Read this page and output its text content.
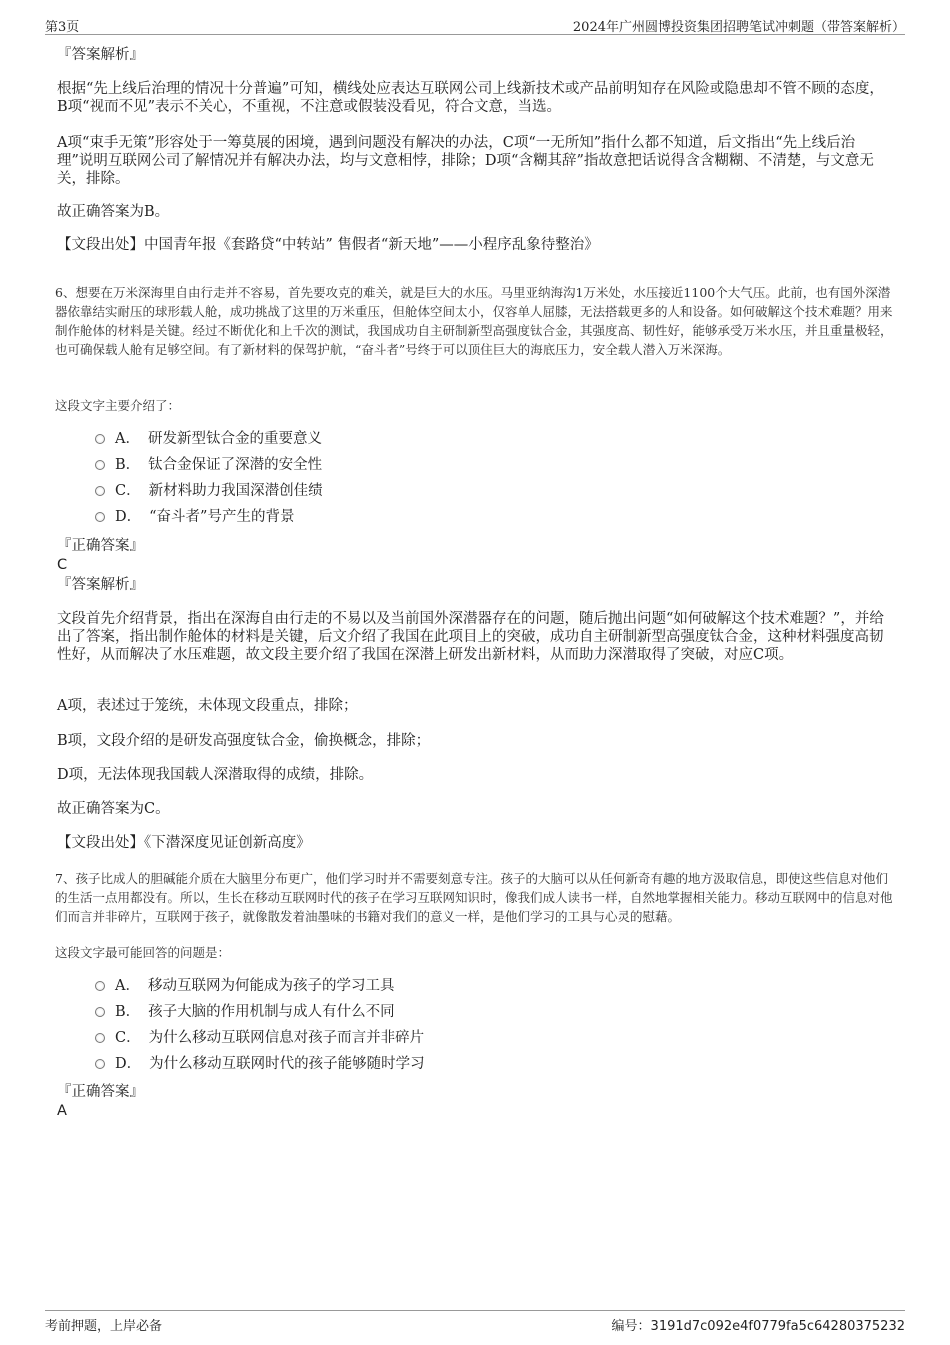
第3页	2024年广州圆博投资集团招聘笔试冲刺题（带答案解析）

『答案解析』

根据“先上线后治理的情况十分普遍”可知，横线处应表达互联网公司上线新技术或产品前明知存在风险或隐患却不管不顾的态度，B项“视而不见”表示不关心，不重视，不注意或假装没看见，符合文意，当选。

A项“束手无策”形容处于一筹莫展的困境，遇到问题没有解决的办法，C项“一无所知”指什么都不知道，后文指出“先上线后治理”说明互联网公司了解情况并有解决办法，均与文意相悖，排除；D项“含糊其辞”指故意把话说得含含糊糊、不清楚，与文意无关，排除。

故正确答案为B。

【文段出处】中国青年报《套路贷“中转站” 售假者“新天地”——小程序乱象待整治》

6、想要在万米深海里自由行走并不容易，首先要攻克的难关，就是巨大的水压。马里亚纳海沟1万米处，水压接近1100个大气压。此前，也有国外深潜器依靠结实耐压的球形载人舱，成功挑战了这里的万米重压，但舱体空间太小，仅容单人屈膝，无法搭载更多的人和设备。如何破解这个技术难题？用来制作舱体的材料是关键。经过不断优化和上千次的测试，我国成功自主研制新型高强度钛合金，其强度高、韧性好，能够承受万米水压，并且重量极轻，也可确保载人舱有足够空间。有了新材料的保驾护航，“奋斗者”号终于可以顶住巨大的海底压力，安全载人潜入万米深海。

这段文字主要介绍了：

A． 研发新型钛合金的重要意义
B． 钛合金保证了深潜的安全性
C． 新材料助力我国深潜创佳绩
D． “奋斗者”号产生的背景

『正确答案』

C

『答案解析』

文段首先介绍背景，指出在深海自由行走的不易以及当前国外深潜器存在的问题，随后抛出问题“如何破解这个技术难题？”，并给出了答案，指出制作舱体的材料是关键，后文介绍了我国在此项目上的突破，成功自主研制新型高强度钛合金，这种材料强度高韧性好，从而解决了水压难题，故文段主要介绍了我国在深潜上研发出新材料，从而助力深潜取得了突破，对应C项。

A项，表述过于笼统，未体现文段重点，排除；

B项，文段介绍的是研发高强度钛合金，偷换概念，排除；

D项，无法体现我国载人深潜取得的成绩，排除。

故正确答案为C。

【文段出处】《下潜深度见证创新高度》

7、孩子比成人的胆碱能介质在大脑里分布更广，他们学习时并不需要刻意专注。孩子的大脑可以从任何新奇有趣的地方汲取信息，即使这些信息对他们的生活一点用都没有。所以，生长在移动互联网时代的孩子在学习互联网知识时，像我们成人读书一样，自然地掌握相关能力。移动互联网中的信息对他们而言并非碎片，互联网于孩子，就像散发着油墨味的书籍对我们的意义一样，是他们学习的工具与心灵的慰藉。

这段文字最可能回答的问题是：

A． 移动互联网为何能成为孩子的学习工具
B． 孩子大脑的作用机制与成人有什么不同
C． 为什么移动互联网信息对孩子而言并非碎片
D． 为什么移动互联网时代的孩子能够随时学习

『正确答案』

A

考前押题，上岸必备	编号：3191d7c092e4f0779fa5c64280375232
